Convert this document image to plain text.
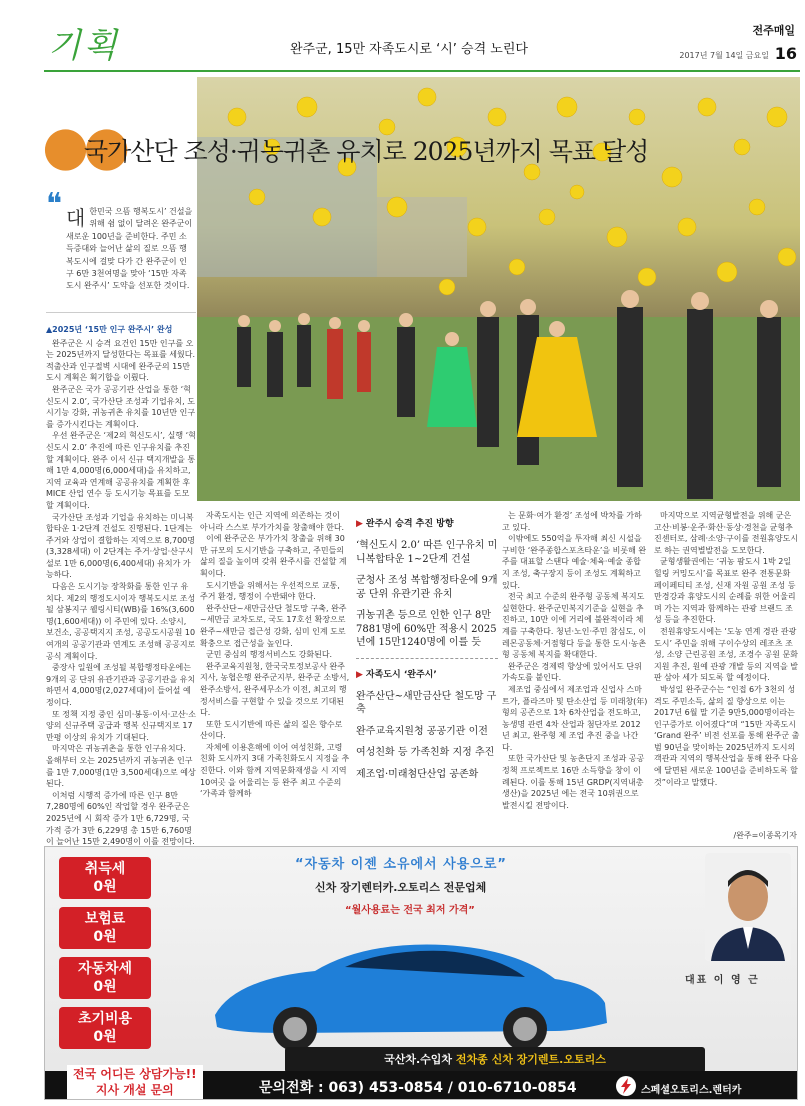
기획	완주군, 15만 자족도시로 ‘시’ 승격 노린다
전주매일
2017년 7월 14일 금요일 16
●●
국가산단 조성·귀농귀촌 유치로 2025년까지 목표 달성
❝ 대 한민국 으뜸 행복도시’ 건설을 위해 쉼 없이 달려온 완주군이 새로운 100년을 준비한다. 주민 소득증대와 늘어난 삶의 질로 으뜸 행복도시에 걸맞 다가 간 완주군이 인구 6만 3천여명을 맞아 ‘15만 자족도시 완주시’ 도약을 선포한 것이다.
▲2025년 ‘15만 인구 완주시’ 완성

완주군은 시 승격 요건인 15만 인구를 오는 2025년까지 달성한다는 목표를 세웠다. 적출산과 인구절벽 시대에 완주군의 15만 도시 계획은 획기합을 이뤘다.

완주군은 국가 공공기관 산업을 통한 ‘혁신도시 2.0’, 국가산단 조성과 기업유치, 도시기능 강화, 귀농귀촌 유치를 10년만 인구를 증가시킨다는 계획이다.

우선 완주군은 ‘제2의 혁신도시’, 실행 ‘혁신도시 2.0’ 추진에 따른 인구유치를 추진할 계획이다. 완주 이서 신규 택지개발을 통해 1만 4,000명(6,000세대)을 유치하고, 지역 교육과 연계해 공공유치를 계획한 후 MICE 산업 연수 등 도시기능 목표를 도모할 계획이다.

국가산단 조성과 기업을 유치하는 미니복합타운 1·2단계 건설도 진행된다. 1단계는 주거와 상업이 결합하는 지역으로 8,700명(3,328세대) 이 2단계는 주거·상업·산구시설로 1만 6,000명(6,400세대) 유치가 가능하다.

다음은 도시기능 장착화를 통한 인구 유치다. 제2의 행정도시이자 행복도시로 조성될 삼봉지구 웰링시티(WB)를 16%(3,600명(1,600세대)) 이 주민에 있다. 소양시, 보건소, 공공택지지 조성, 공공도시공원 10여개의 공공기관과 연계도 조성해 공공지로 공식 계획이다.

중장사 일원에 조성될 복합행정타운에는 9개의 공 단위 유관기관과 공공기관을 유치하면서 4,000명(2,027세대)이 들어설 예정이다.

또 정책 지정 중인 심미·봉동·이서·고산·소양의 신규주택 공급과 행복 신규택지로 17만평 이상의 유치가 기대된다.

마지막은 귀농귀촌을 통한 인구유치다. 올해부터 오는 2025년까지 귀농귀촌 인구를 1만 7,000명(1만 3,500세대)으로 예상된다.

이처럼 시행적 증가에 따른 인구 8만 7,280명에 60%인 작업할 경우 완주군은 2025년에 시 회작 증가 1만 6,729명, 국가적 증가 3만 6,229명 총 15만 6,760명이 늘어난 15만 2,490명이 이를 전망이다.

자족도시는 인근 지역에 의존하는 것이 아니라 스스로 부가가치를 창출해야 한다.

이에 완주군은 부가가치 창출을 위해 30만 규모의 도시기반을 구축하고, 주민들의 삶의 질을 높이며 갖춰 완주시를 건설할 계획이다.

도시기반을 위해서는 우선적으로 교통, 주거 환경, 행정이 수반돼야 한다.

완주산단~새만금산단 철도망 구축, 완주~세만금 교차도로, 국도 17호선 확장으로 완주~새만금 접근성 강화, 심미 인계 도로 확충으로 접근성을 높인다.

군민 중심의 행정서비스도 강화된다.

완주교육지원청, 한국국토정보공사 완주지사, 농협은행 완주군지부, 완주군 소방서, 완주소방서, 완주세무소가 이전, 최고의 행정서비스를 구현할 수 있을 것으로 기대된다.

또한 도시기반에 따른 삶의 질은 향수로 산이다.

자체에 이용흔해에 이어 여성친화, 고령친화 도시까지 3대 가족친화도시 지정을 추진한다. 이와 함께 지역문화재생을 시 지역 10여곳 을 어울리는 등 완주 최고 수준의 ‘가족과 함께하

▶ 완주시 승격 추진 방향
‘혁신도시 2.0’ 따른 인구유치 미니복합타운 1~2단계 건설
군청사 조성 복합행정타운에 9개 공 단위 유관기관 유치
귀농귀촌 등으로 인한 인구 8만7881명에 60%만 적용시 2025년에 15만1240명에 이를 듯
▶ 자족도시 ‘완주시’
완주산단~새만금산단 철도망 구축
완주교육지원청 공공기관 이전
여성친화 등 가족친화 지정 추진
제조업·미래첨단산업 공존화

는 문화·여가 환경’ 조성에 박차를 가하고 있다.

이밖에도 550억을 투자해 최신 시설을 구비한 ‘완주종합스포츠타운’을 비롯해 완주를 대표할 스탠다 예술·체육·예술 종합지 조성, 축구장지 등이 조성도 계획하고 있다.

전국 최고 수준의 완주형 공동체 복지도 실현한다. 완주군민복지기준을 실현을 추진하고, 10만 이에 거리에 불완적이라 체계를 구축한다. 청년·노인·주민 참심도, 이레몬공동체·거점형다 등을 통한 도시·농촌형 공동체 복지를 확대한다.

완주군은 경제력 향상에 있어서도 단위 가속도를 붙인다.

제조업 중심에서 제조업과 신업사 스마트가, 플라즈마 및 탄소산업 등 미래창(年)형의 공존으로 1차 6차산업을 전도하고, 농생명 관련 4차 산업과 첨단자로 2012년 최고, 완주형 제 조업 추진 중을 나간다.

또한 국가산단 및 농촌단지 조성과 공공정책 프로젝트로 16만 소득향을 창이 이례된다. 이를 통해 15년 GRDP(지역내총생산)을 2025년 에는 전국 10위권으로 발전시킬 전망이다.

마지막으로 지역균형발전을 위해 군은 고산·비봉·운주·화산·동상·경천을 균형추진센터로, 삼례·소양·구이를 전원휴양도시로 하는 권역별발전을 도모한다.

균형생활권에는 ‘귀농 팜도시 1박 2일 힐링 커밍도시’를 목표로 완주 전통문화 페이페티티 조성, 신재 자원 공원 조성 등 만경강과 휴양도시의 순례를 위한 어울리며 가는 지역과 함께하는 관광 브랜드 조성 등을 추진한다.

전원휴양도시에는 ‘도농 연계 경관 관광 도시’ 주민을 위해 구이수상의 레조츠 조성, 소양 근린공원 조성, 조경수 공원 문화지원 추진, 원예 관광 개발 등의 지역을 발판 삼아 세가 되도록 할 예정이다.

박성일 완주군수는 “인접 6가 3천의 성격도 주민소득, 삶의 질 향상으로 이는 2017년 6월 말 기준 9만5,000명이라는 인구증가로 이어졌다”며 “15만 자족도시 ‘Grand 완주’ 비전 선포를 통해 완주군 출범 90년을 맞이하는 2025년까지 도시의 객관과 지역의 행복산업을 통해 완주 다음에 달면된 새로운 100년을 준비하도록 할 것”이라고 말했다.

/완주=이종목기자
취득세
0원
보험료
0원
자동차세
0원
초기비용
0원
“자동차 이젠 소유에서 사용으로”
신차 장기렌터카.오토리스 전문업체
“월사용료는 전국 최저 가격”
대표 이 영 근
국산차.수입차 전차종 신차 장기렌트.오토리스
전국 어디든 상담가능!!
지사 개설 문의	문의전화 : 063) 453-0854 / 010-6710-0854	스페셜오토리스.렌터카
